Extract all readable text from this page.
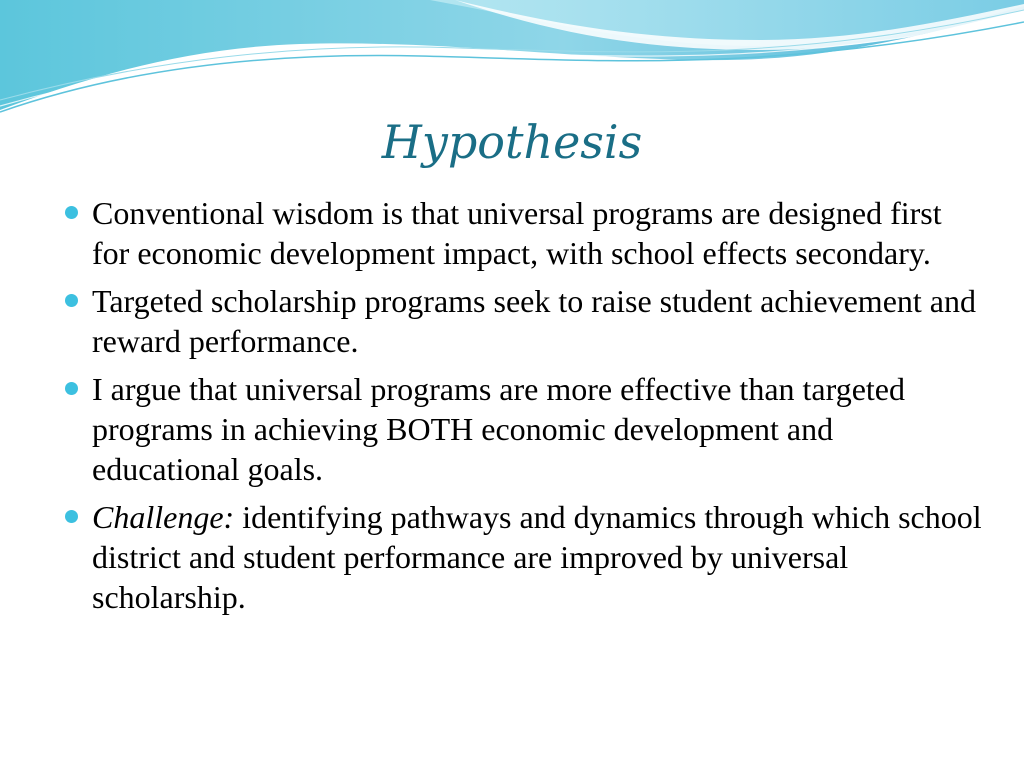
Hypothesis
Conventional wisdom is that universal programs are designed first for economic development impact, with school effects secondary.
Targeted scholarship programs seek to raise student achievement and reward performance.
I argue that universal programs are more effective than targeted programs in achieving BOTH economic development and educational goals.
Challenge: identifying pathways and dynamics through which school district and student performance are improved by universal scholarship.
